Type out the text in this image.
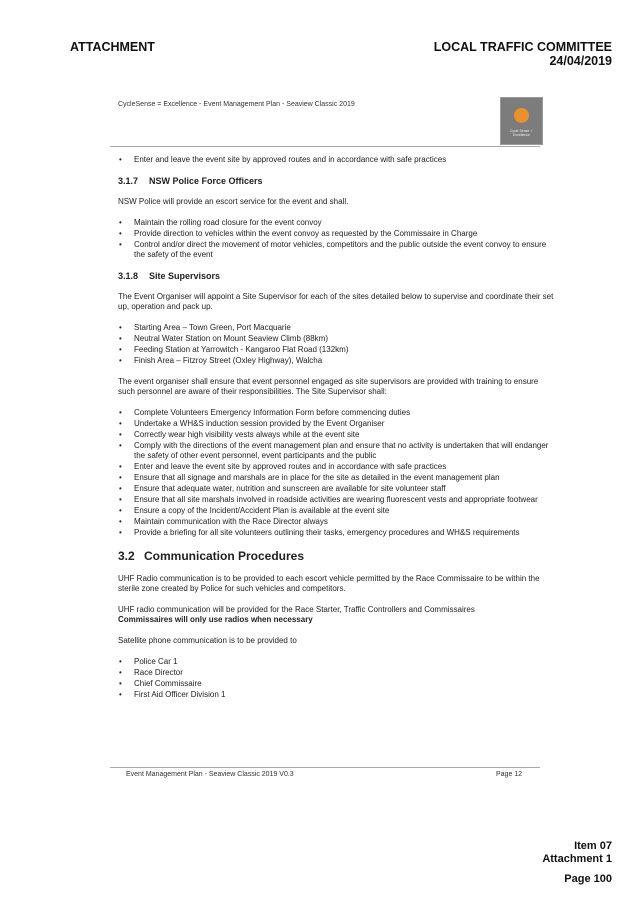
ATTACHMENT	LOCAL TRAFFIC COMMITTEE
24/04/2019
CycleSense = Excellence - Event Management Plan - Seaview Classic 2019
Cycle Sense ✓ Excellence
• Enter and leave the event site by approved routes and in accordance with safe practices
3.1.7 NSW Police Force Officers

NSW Police will provide an escort service for the event and shall.

• Maintain the rolling road closure for the event convoy
• Provide direction to vehicles within the event convoy as requested by the Commissaire in Charge
• Control and/or direct the movement of motor vehicles, competitors and the public outside the event convoy to ensure the safety of the event
3.1.8 Site Supervisors

The Event Organiser will appoint a Site Supervisor for each of the sites detailed below to supervise and coordinate their set up, operation and pack up.

• Starting Area – Town Green, Port Macquarie
• Neutral Water Station on Mount Seaview Climb (88km)
• Feeding Station at Yarrowitch - Kangaroo Flat Road (132km)
• Finish Area – Fitzroy Street (Oxley Highway), Walcha

The event organiser shall ensure that event personnel engaged as site supervisors are provided with training to ensure such personnel are aware of their responsibilities. The Site Supervisor shall:

• Complete Volunteers Emergency Information Form before commencing duties
• Undertake a WH&S induction session provided by the Event Organiser
• Correctly wear high visibility vests always while at the event site
• Comply with the directions of the event management plan and ensure that no activity is undertaken that will endanger the safety of other event personnel, event participants and the public
• Enter and leave the event site by approved routes and in accordance with safe practices
• Ensure that all signage and marshals are in place for the site as detailed in the event management plan
• Ensure that adequate water, nutrition and sunscreen are available for site volunteer staff
• Ensure that all site marshals involved in roadside activities are wearing fluorescent vests and appropriate footwear
• Ensure a copy of the Incident/Accident Plan is available at the event site
• Maintain communication with the Race Director always
• Provide a briefing for all site volunteers outlining their tasks, emergency procedures and WH&S requirements
3.2 Communication Procedures

UHF Radio communication is to be provided to each escort vehicle permitted by the Race Commissaire to be within the sterile zone created by Police for such vehicles and competitors.

UHF radio communication will be provided for the Race Starter, Traffic Controllers and Commissaires
Commissaires will only use radios when necessary

Satellite phone communication is to be provided to

• Police Car 1
• Race Director
• Chief Commissaire
• First Aid Officer Division 1
Event Management Plan - Seaview Classic 2019 V0.3	Page 12
Item 07
Attachment 1
Page 100
